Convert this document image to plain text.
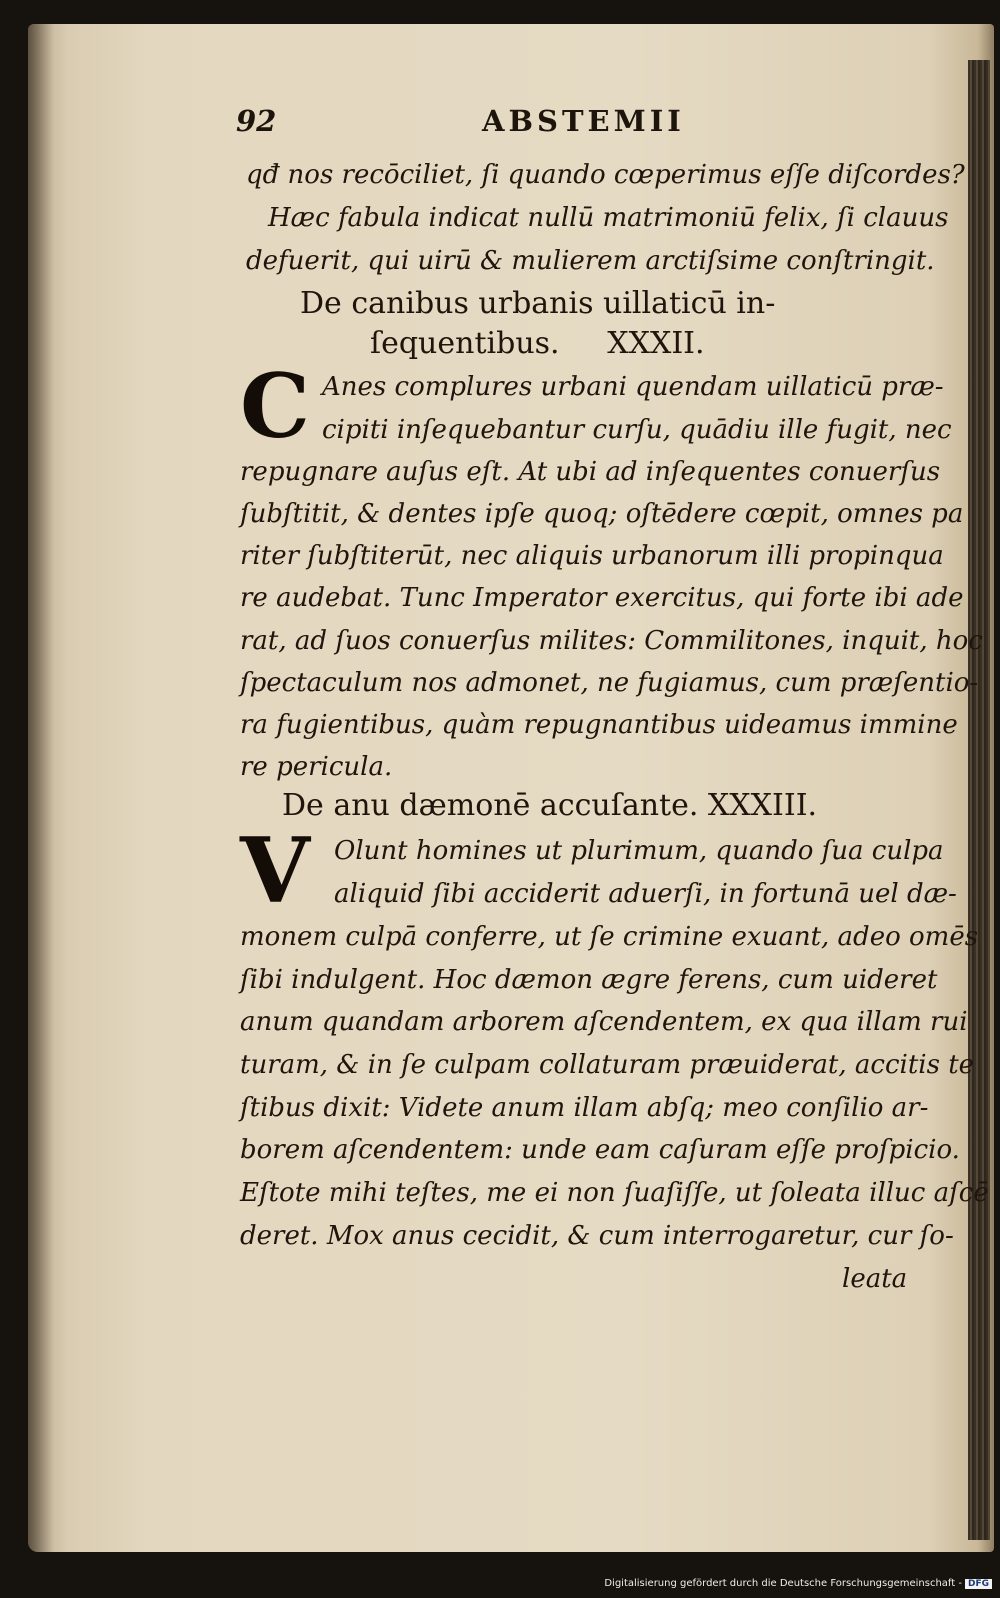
92	ABSTEMII
qđ nos recōciliet, ſi quando cœperimus eſſe diſcordes?
Hæc fabula indicat nullū matrimoniū felix, ſi clauus
defuerit, qui uirū & mulierem arctiſsime conſtringit.
De canibus urbanis uillaticū in-
ſequentibus.     XXXII.
C Anes complures urbani quendam uillaticū præ-
cipiti inſequebantur curſu, quādiu ille fugit, nec
repugnare auſus eſt. At ubi ad inſequentes conuerſus
ſubſtitit, & dentes ipſe quoq; oſtēdere cœpit, omnes pa
riter ſubſtiterūt, nec aliquis urbanorum illi propinqua
re audebat. Tunc Imperator exercitus, qui forte ibi ade
rat, ad ſuos conuerſus milites: Commilitones, inquit, hoc
ſpectaculum nos admonet, ne fugiamus, cum præſentio-
ra fugientibus, quàm repugnantibus uideamus immine
re pericula.
De anu dæmonē accuſante. XXXIII.
V Olunt homines ut plurimum, quando ſua culpa
aliquid ſibi acciderit aduerſi, in fortunā uel dæ-
monem culpā conferre, ut ſe crimine exuant, adeo omēs
ſibi indulgent. Hoc dæmon ægre ferens, cum uideret
anum quandam arborem aſcendentem, ex qua illam rui
turam, & in ſe culpam collaturam præuiderat, accitis te
ſtibus dixit: Videte anum illam abſq; meo conſilio ar-
borem aſcendentem: unde eam caſuram eſſe proſpicio.
Eſtote mihi teſtes, me ei non ſuaſiſſe, ut ſoleata illuc aſcē
deret. Mox anus cecidit, & cum interrogaretur, cur ſo-
leata
Digitalisierung gefördert durch die Deutsche Forschungsgemeinschaft - DFG
